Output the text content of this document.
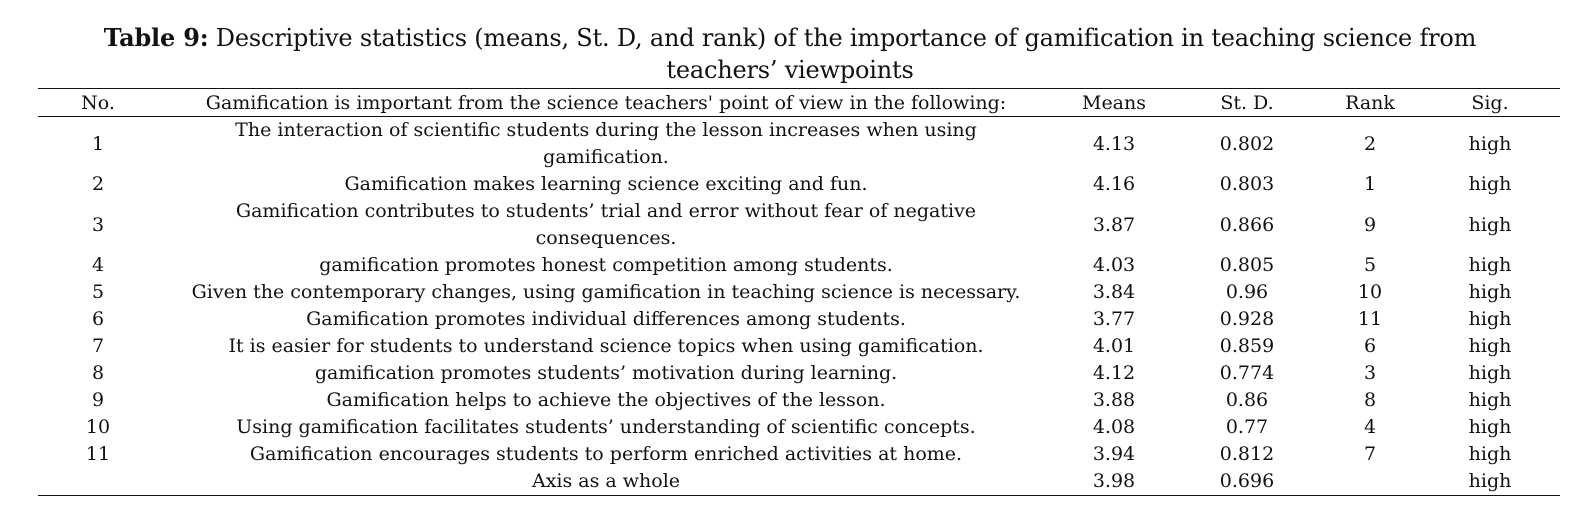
Table 9: Descriptive statistics (means, St. D, and rank) of the importance of gamification in teaching science from teachers’ viewpoints
No.	Gamification is important from the science teachers' point of view in the following:	Means	St. D.	Rank	Sig.
1	The interaction of scientific students during the lesson increases when using gamification.	4.13	0.802	2	high
2	Gamification makes learning science exciting and fun.	4.16	0.803	1	high
3	Gamification contributes to students’ trial and error without fear of negative consequences.	3.87	0.866	9	high
4	gamification promotes honest competition among students.	4.03	0.805	5	high
5	Given the contemporary changes, using gamification in teaching science is necessary.	3.84	0.96	10	high
6	Gamification promotes individual differences among students.	3.77	0.928	11	high
7	It is easier for students to understand science topics when using gamification.	4.01	0.859	6	high
8	gamification promotes students’ motivation during learning.	4.12	0.774	3	high
9	Gamification helps to achieve the objectives of the lesson.	3.88	0.86	8	high
10	Using gamification facilitates students’ understanding of scientific concepts.	4.08	0.77	4	high
11	Gamification encourages students to perform enriched activities at home.	3.94	0.812	7	high
	Axis as a whole	3.98	0.696		high
